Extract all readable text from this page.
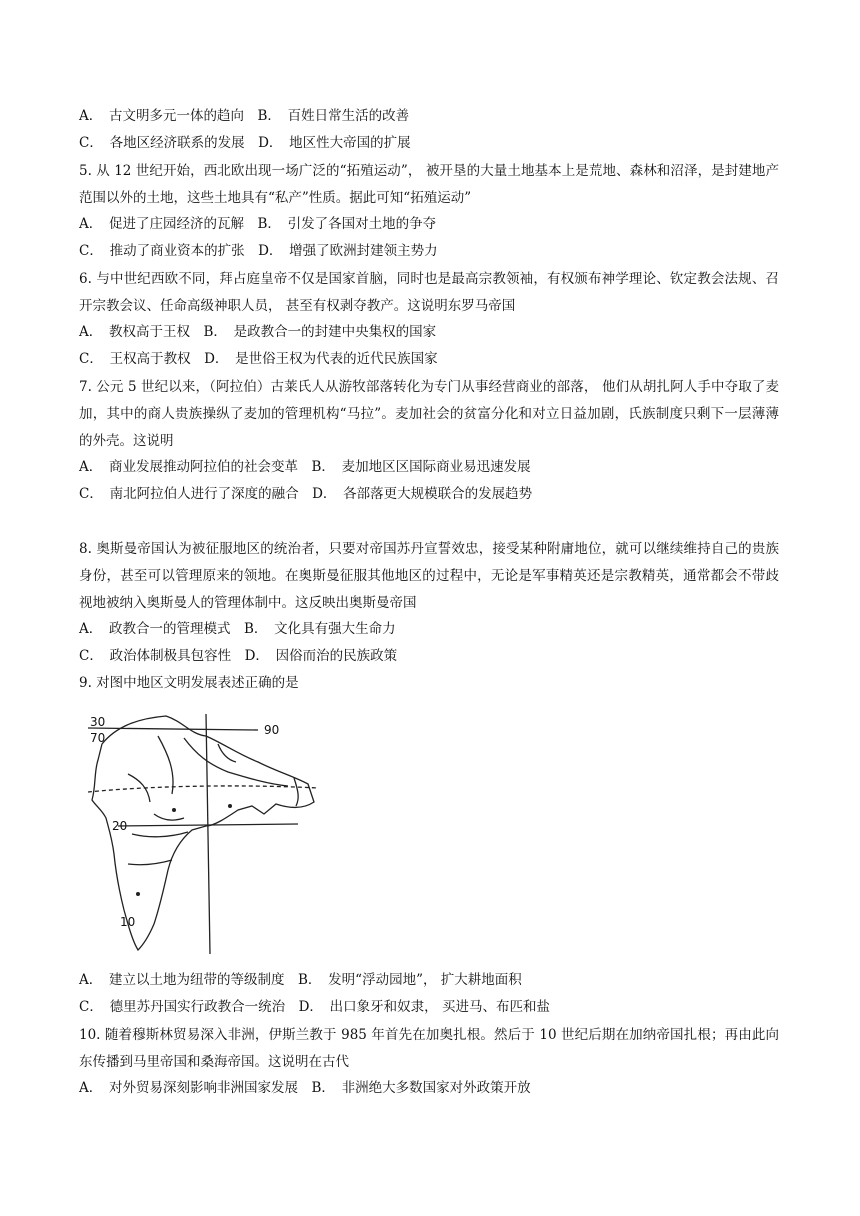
A．　古文明多元一体的趋向　B．　百姓日常生活的改善
C．　各地区经济联系的发展　D．　地区性大帝国的扩展
5. 从 12 世纪开始，西北欧出现一场广泛的“拓殖运动”， 被开垦的大量土地基本上是荒地、森林和沼泽，是封建地产范围以外的土地，这些土地具有“私产”性质。据此可知“拓殖运动”
A．　促进了庄园经济的瓦解　B．　引发了各国对土地的争夺
C．　推动了商业资本的扩张　D．　增强了欧洲封建领主势力
6. 与中世纪西欧不同，拜占庭皇帝不仅是国家首脑，同时也是最高宗教领袖，有权颁布神学理论、钦定教会法规、召开宗教会议、任命高级神职人员， 甚至有权剥夺教产。这说明东罗马帝国
A．　教权高于王权　B．　是政教合一的封建中央集权的国家
C．　王权高于教权　D．　是世俗王权为代表的近代民族国家
7. 公元 5 世纪以来，（阿拉伯）古莱氏人从游牧部落转化为专门从事经营商业的部落， 他们从胡扎阿人手中夺取了麦加，其中的商人贵族操纵了麦加的管理机构“马拉”。麦加社会的贫富分化和对立日益加剧，氏族制度只剩下一层薄薄的外壳。这说明
A．　商业发展推动阿拉伯的社会变革　B．　麦加地区区国际商业易迅速发展
C．　南北阿拉伯人进行了深度的融合　D．　各部落更大规模联合的发展趋势
8. 奥斯曼帝国认为被征服地区的统治者，只要对帝国苏丹宣誓效忠，接受某种附庸地位，就可以继续维持自己的贵族身份，甚至可以管理原来的领地。在奥斯曼征服其他地区的过程中，无论是军事精英还是宗教精英，通常都会不带歧视地被纳入奥斯曼人的管理体制中。这反映出奥斯曼帝国
A．　政教合一的管理模式　B．　文化具有强大生命力
C．　政治体制极具包容性　D．　因俗而治的民族政策
9. 对图中地区文明发展表述正确的是
30
70
90
20
10
A．　建立以土地为纽带的等级制度　B．　发明“浮动园地”， 扩大耕地面积
C．　德里苏丹国实行政教合一统治　D．　出口象牙和奴隶， 买进马、布匹和盐
10. 随着穆斯林贸易深入非洲，伊斯兰教于 985 年首先在加奥扎根。然后于 10 世纪后期在加纳帝国扎根；再由此向东传播到马里帝国和桑海帝国。这说明在古代
A．　对外贸易深刻影响非洲国家发展　B．　非洲绝大多数国家对外政策开放
